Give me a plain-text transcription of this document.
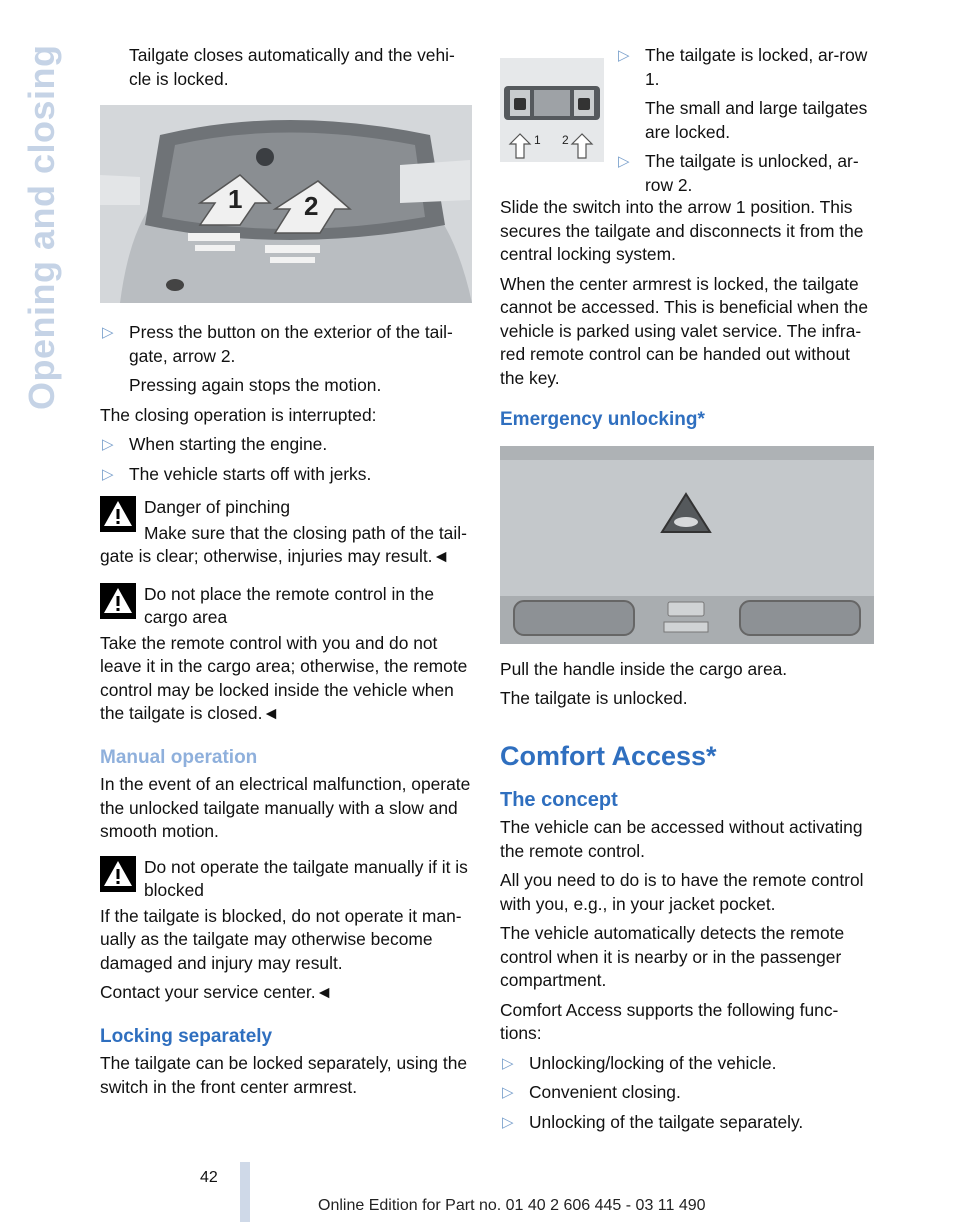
Opening and closing	Tailgate closes automatically and the vehi-cle is locked.

1 2
▷ Press the button on the exterior of the tail-gate, arrow 2.

Pressing again stops the motion.

The closing operation is interrupted:

▷ When starting the engine.
▷ The vehicle starts off with jerks.

Danger of pinching

Make sure that the closing path of the tail-gate is clear; otherwise, injuries may result.◄

Do not place the remote control in the cargo area

Take the remote control with you and do not leave it in the cargo area; otherwise, the remote control may be locked inside the vehicle when the tailgate is closed.◄

Manual operation

In the event of an electrical malfunction, operate the unlocked tailgate manually with a slow and smooth motion.

Do not operate the tailgate manually if it is blocked

If the tailgate is blocked, do not operate it man-ually as the tailgate may otherwise become damaged and injury may result.

Contact your service center.◄

Locking separately

The tailgate can be locked separately, using the switch in the front center armrest.

1 2
▷ The tailgate is locked, ar-row 1.

The small and large tailgates are locked.

▷ The tailgate is unlocked, ar-row 2.

Slide the switch into the arrow 1 position. This secures the tailgate and disconnects it from the central locking system.

When the center armrest is locked, the tailgate cannot be accessed. This is beneficial when the vehicle is parked using valet service. The infra-red remote control can be handed out without the key.

Emergency unlocking*

Pull the handle inside the cargo area.

The tailgate is unlocked.

Comfort Access*
The concept

The vehicle can be accessed without activating the remote control.

All you need to do is to have the remote control with you, e.g., in your jacket pocket.

The vehicle automatically detects the remote control when it is nearby or in the passenger compartment.

Comfort Access supports the following func-tions:

▷ Unlocking/locking of the vehicle.
▷ Convenient closing.
▷ Unlocking of the tailgate separately.
42
Online Edition for Part no. 01 40 2 606 445 - 03 11 490
